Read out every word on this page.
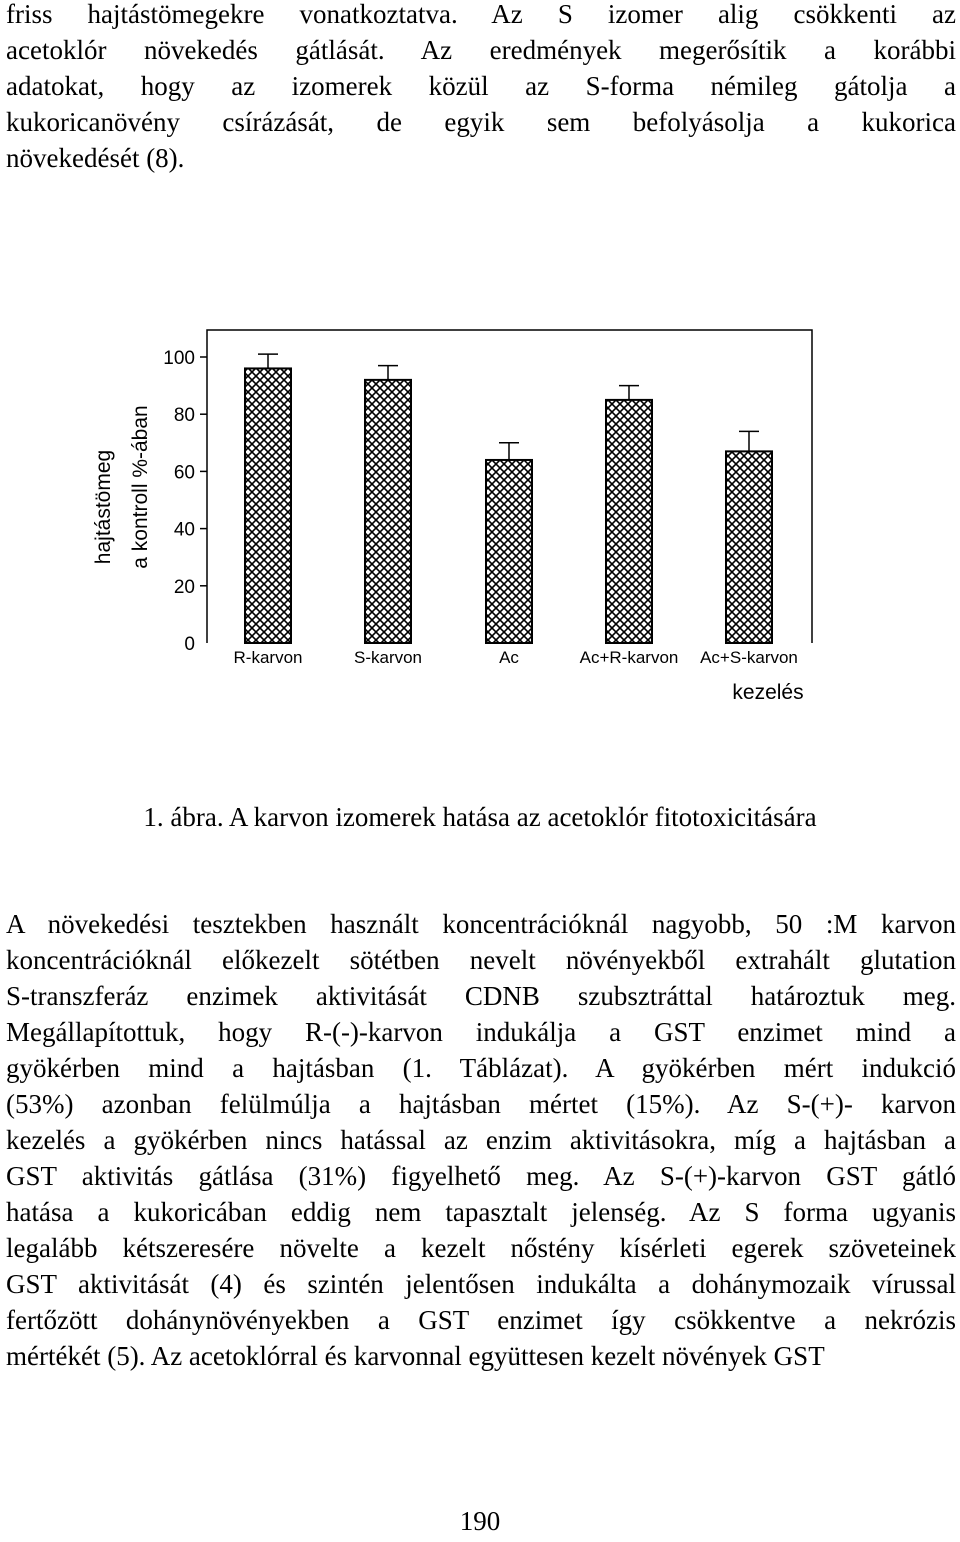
friss hajtástömegekre vonatkoztatva. Az S izomer alig csökkenti az
acetoklór növekedés gátlását. Az eredmények megerősítik a korábbi
adatokat, hogy az izomerek közül az S-forma némileg gátolja a
kukoricanövény csírázását, de egyik sem befolyásolja a kukorica
növekedését (8).
R-karvon	S-karvon	Ac	Ac+R-karvon Ac+S-karvon
0
20
40
60
80
100
hajtástömeg a kontroll %-ában
kezelés

1. ábra. A karvon izomerek hatása az acetoklór fitotoxicitására

A növekedési tesztekben használt koncentrációknál nagyobb, 50 :M karvon
koncentrációknál előkezelt sötétben nevelt növényekből extrahált glutation
S-transzferáz enzimek aktivitását CDNB szubsztráttal határoztuk meg.
Megállapítottuk, hogy R-(-)-karvon indukálja a GST enzimet mind a
gyökérben mind a hajtásban (1. Táblázat). A gyökérben mért indukció
(53%) azonban felülmúlja a hajtásban mértet (15%). Az S-(+)- karvon
kezelés a gyökérben nincs hatással az enzim aktivitásokra, míg a hajtásban a
GST aktivitás gátlása (31%) figyelhető meg. Az S-(+)-karvon GST gátló
hatása a kukoricában eddig nem tapasztalt jelenség. Az S forma ugyanis
legalább kétszeresére növelte a kezelt nőstény kísérleti egerek szöveteinek
GST aktivitását (4) és szintén jelentősen indukálta a dohánymozaik vírussal
fertőzött dohánynövényekben a GST enzimet így csökkentve a nekrózis
mértékét (5). Az acetoklórral és karvonnal együttesen kezelt növények GST

190
